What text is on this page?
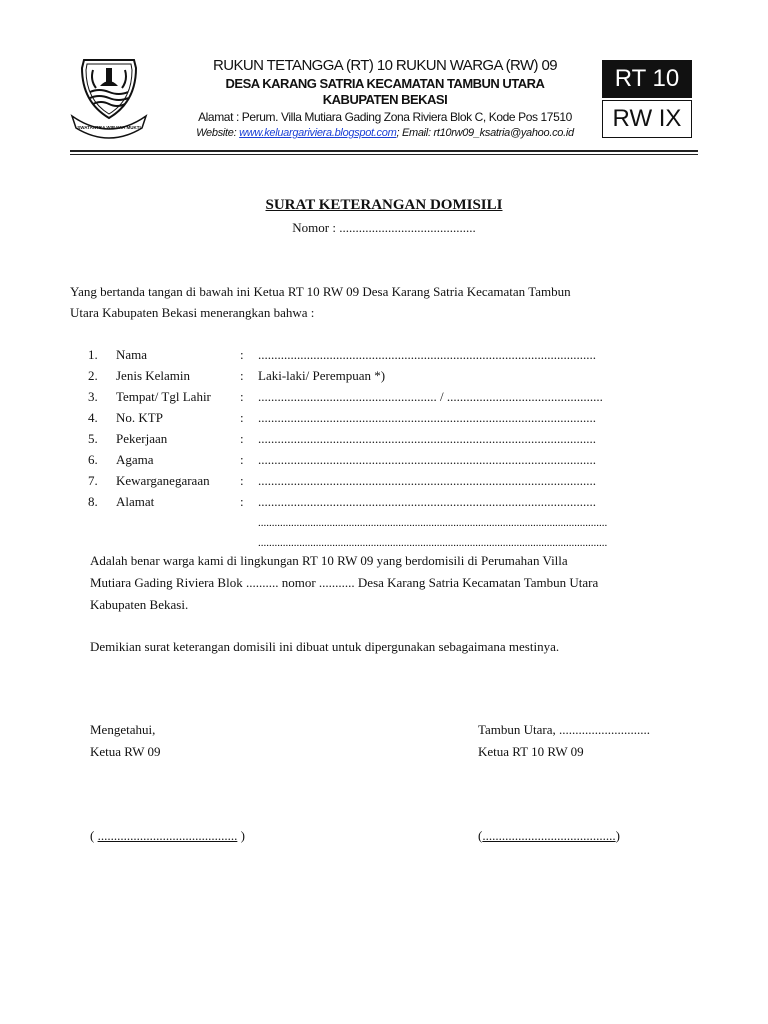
SWATANTRA WIBAWA MUKTI
RUKUN TETANGGA (RT) 10 RUKUN WARGA (RW) 09
DESA KARANG SATRIA KECAMATAN TAMBUN UTARA
KABUPATEN BEKASI
Alamat : Perum. Villa Mutiara Gading Zona Riviera Blok C, Kode Pos 17510
Website: www.keluargariviera.blogspot.com; Email: rt10rw09_ksatria@yahoo.co.id
RT 10
RW IX
SURAT KETERANGAN DOMISILI
Nomor : ..........................................
Yang bertanda tangan di bawah ini Ketua RT 10 RW 09 Desa Karang Satria Kecamatan Tambun
Utara Kabupaten Bekasi menerangkan bahwa :
1. Nama	: ........................................................................................................
2. Jenis Kelamin	: Laki-laki/ Perempuan *)
3. Tempat/ Tgl Lahir : ....................................................... / ................................................
4. No. KTP	: ........................................................................................................
5. Pekerjaan	: ........................................................................................................
6. Agama	: ........................................................................................................
7. Kewarganegaraan : ........................................................................................................
8. Alamat	: ........................................................................................................
...............................................................................................................................
...............................................................................................................................
Adalah benar warga kami di lingkungan RT 10 RW 09 yang berdomisili di Perumahan Villa
Mutiara Gading Riviera Blok .......... nomor ........... Desa Karang Satria Kecamatan Tambun Utara
Kabupaten Bekasi.
Demikian surat keterangan domisili ini dibuat untuk dipergunakan sebagaimana mestinya.
Mengetahui,
Ketua RW 09
Tambun Utara, ............................
Ketua RT 10 RW 09
( ........................................... )	(.........................................)
